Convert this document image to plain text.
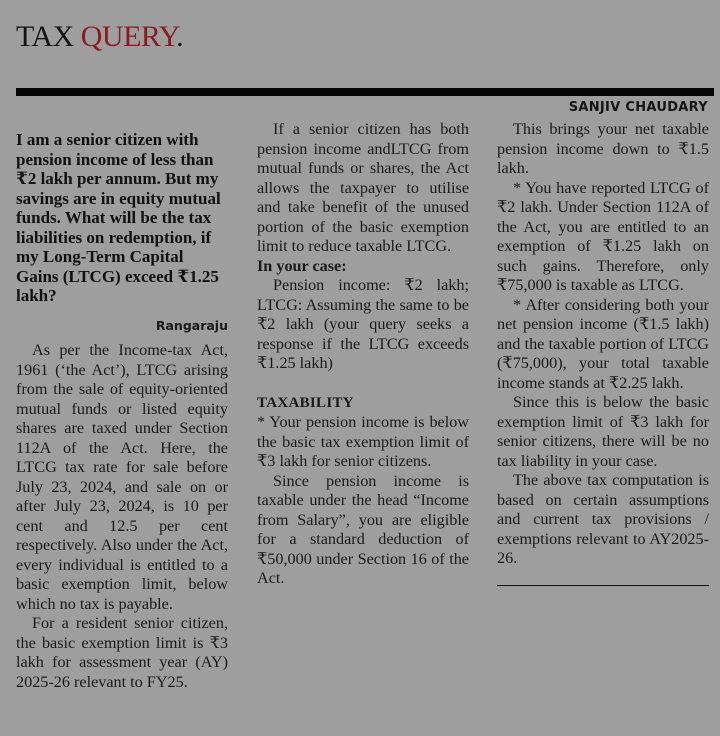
TAX QUERY.
SANJIV CHAUDARY
I am a senior citizen with pension income of less than ₹2 lakh per annum. But my savings are in equity mutual funds. What will be the tax liabilities on redemption, if my Long-Term Capital Gains (LTCG) exceed ₹1.25 lakh?
Rangaraju

As per the Income-tax Act, 1961 (‘the Act’), LTCG arising from the sale of equity-oriented mutual funds or listed equity shares are taxed under Section 112A of the Act. Here, the LTCG tax rate for sale before July 23, 2024, and sale on or after July 23, 2024, is 10 per cent and 12.5 per cent respectively. Also under the Act, every individual is entitled to a basic exemption limit, below which no tax is payable.

For a resident senior citizen, the basic exemption limit is ₹3 lakh for assessment year (AY) 2025-26 relevant to FY25.

If a senior citizen has both pension income andLTCG from mutual funds or shares, the Act allows the taxpayer to utilise and take benefit of the unused portion of the basic exemption limit to reduce taxable LTCG.

In your case:

Pension income: ₹2 lakh; LTCG: Assuming the same to be ₹2 lakh (your query seeks a response if the LTCG exceeds ₹1.25 lakh)

TAXABILITY

* Your pension income is below the basic tax exemption limit of ₹3 lakh for senior citizens.

Since pension income is taxable under the head “Income from Salary”, you are eligible for a standard deduction of ₹50,000 under Section 16 of the Act.

This brings your net taxable pension income down to ₹1.5 lakh.

* You have reported LTCG of ₹2 lakh. Under Section 112A of the Act, you are entitled to an exemption of ₹1.25 lakh on such gains. Therefore, only ₹75,000 is taxable as LTCG.

* After considering both your net pension income (₹1.5 lakh) and the taxable portion of LTCG (₹75,000), your total taxable income stands at ₹2.25 lakh.

Since this is below the basic exemption limit of ₹3 lakh for senior citizens, there will be no tax liability in your case.

The above tax computation is based on certain assumptions and current tax provisions / exemptions relevant to AY2025-26.
